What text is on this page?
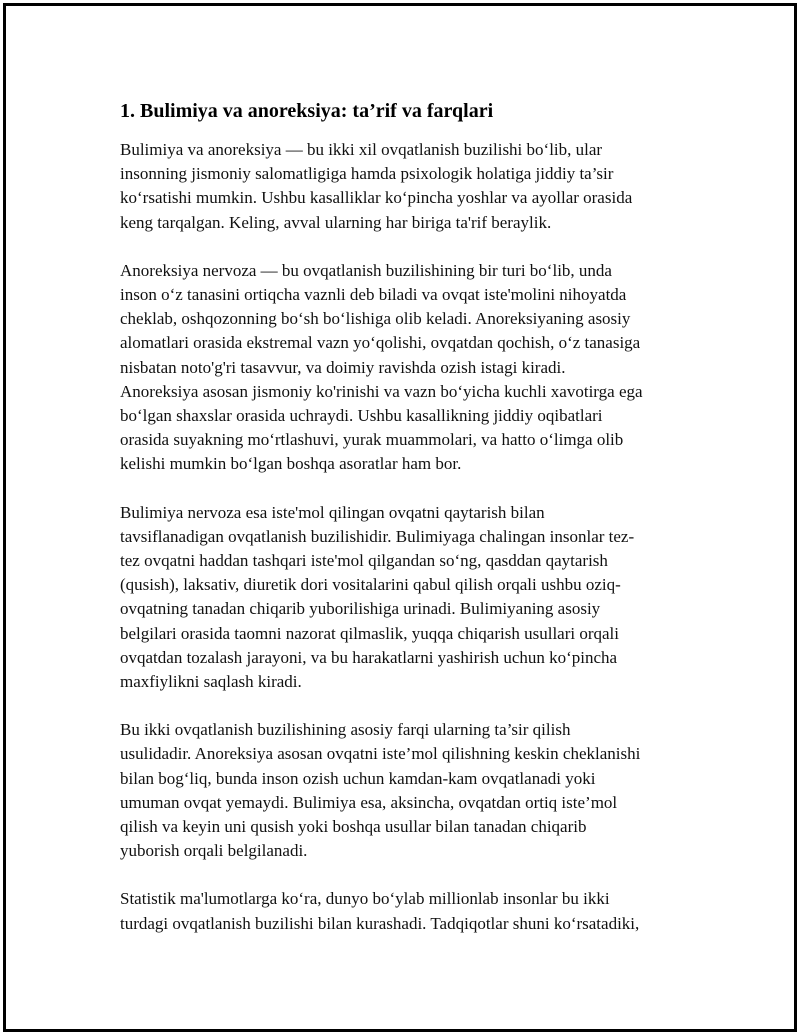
1. Bulimiya va anoreksiya: ta’rif va farqlari

Bulimiya va anoreksiya — bu ikki xil ovqatlanish buzilishi bo‘lib, ular
insonning jismoniy salomatligiga hamda psixologik holatiga jiddiy ta’sir
ko‘rsatishi mumkin. Ushbu kasalliklar ko‘pincha yoshlar va ayollar orasida
keng tarqalgan. Keling, avval ularning har biriga ta'rif beraylik.

Anoreksiya nervoza — bu ovqatlanish buzilishining bir turi bo‘lib, unda
inson o‘z tanasini ortiqcha vaznli deb biladi va ovqat iste'molini nihoyatda
cheklab, oshqozonning bo‘sh bo‘lishiga olib keladi. Anoreksiyaning asosiy
alomatlari orasida ekstremal vazn yo‘qolishi, ovqatdan qochish, o‘z tanasiga
nisbatan noto'g'ri tasavvur, va doimiy ravishda ozish istagi kiradi.
Anoreksiya asosan jismoniy ko'rinishi va vazn bo‘yicha kuchli xavotirga ega
bo‘lgan shaxslar orasida uchraydi. Ushbu kasallikning jiddiy oqibatlari
orasida suyakning mo‘rtlashuvi, yurak muammolari, va hatto o‘limga olib
kelishi mumkin bo‘lgan boshqa asoratlar ham bor.

Bulimiya nervoza esa iste'mol qilingan ovqatni qaytarish bilan
tavsiflanadigan ovqatlanish buzilishidir. Bulimiyaga chalingan insonlar tez-
tez ovqatni haddan tashqari iste'mol qilgandan so‘ng, qasddan qaytarish
(qusish), laksativ, diuretik dori vositalarini qabul qilish orqali ushbu oziq-
ovqatning tanadan chiqarib yuborilishiga urinadi. Bulimiyaning asosiy
belgilari orasida taomni nazorat qilmaslik, yuqqa chiqarish usullari orqali
ovqatdan tozalash jarayoni, va bu harakatlarni yashirish uchun ko‘pincha
maxfiylikni saqlash kiradi.

Bu ikki ovqatlanish buzilishining asosiy farqi ularning ta’sir qilish
usulidadir. Anoreksiya asosan ovqatni iste’mol qilishning keskin cheklanishi
bilan bog‘liq, bunda inson ozish uchun kamdan-kam ovqatlanadi yoki
umuman ovqat yemaydi. Bulimiya esa, aksincha, ovqatdan ortiq iste’mol
qilish va keyin uni qusish yoki boshqa usullar bilan tanadan chiqarib
yuborish orqali belgilanadi.

Statistik ma'lumotlarga ko‘ra, dunyo bo‘ylab millionlab insonlar bu ikki
turdagi ovqatlanish buzilishi bilan kurashadi. Tadqiqotlar shuni ko‘rsatadiki,
